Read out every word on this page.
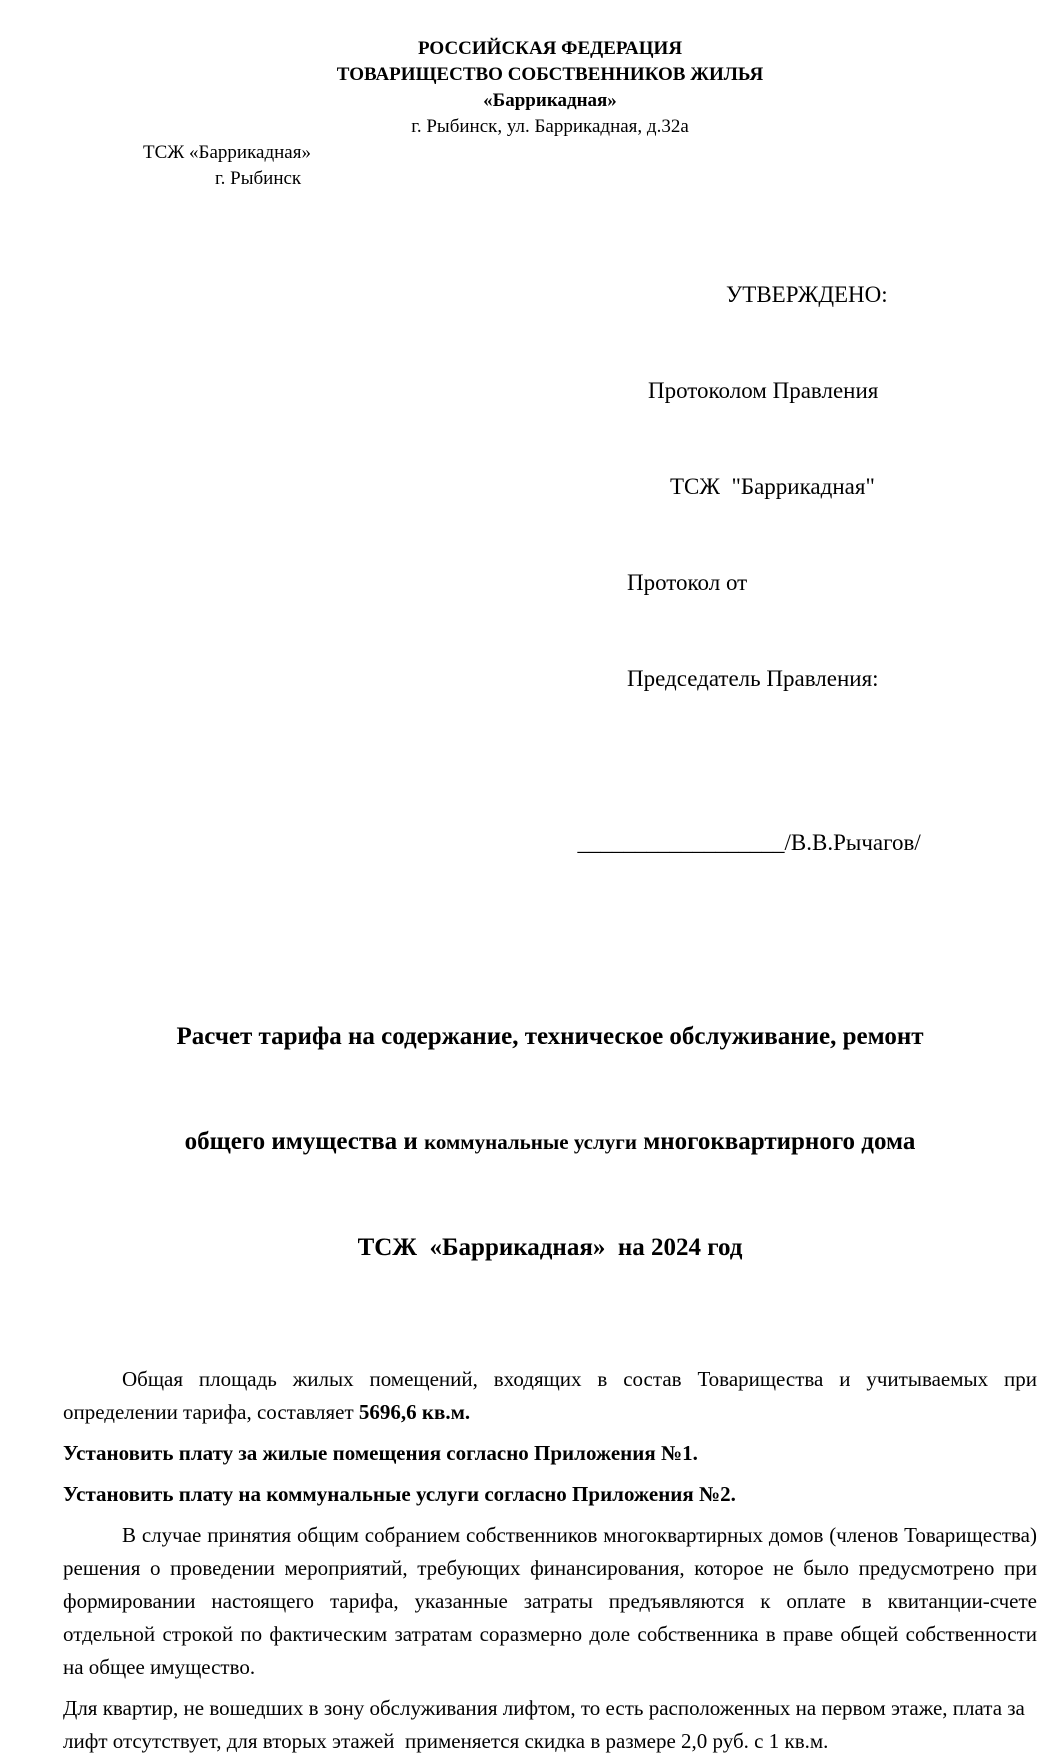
РОССИЙСКАЯ ФЕДЕРАЦИЯ
ТОВАРИЩЕСТВО СОБСТВЕННИКОВ ЖИЛЬЯ
«Баррикадная»
г. Рыбинск, ул. Баррикадная, д.32а
ТСЖ «Баррикадная»
г. Рыбинск

УТВЕРЖДЕНО:

Протоколом Правления

ТСЖ  "Баррикадная"

Протокол от

Председатель Правления:

__________________/В.В.Рычагов/

Расчет тарифа на содержание, техническое обслуживание, ремонт

общего имущества и коммунальные услуги многоквартирного дома

ТСЖ  «Баррикадная»  на 2024 год

Общая площадь жилых помещений, входящих в состав Товарищества и учитываемых при определении тарифа, составляет 5696,6 кв.м.

Установить плату за жилые помещения согласно Приложения №1.

Установить плату на коммунальные услуги согласно Приложения №2.

В случае принятия общим собранием собственников многоквартирных домов (членов Товарищества) решения о проведении мероприятий, требующих финансирования, которое не было предусмотрено при формировании настоящего тарифа, указанные затраты предъявляются к оплате в квитанции-счете отдельной строкой по фактическим затратам соразмерно доле собственника в праве общей собственности на общее имущество.

Для квартир, не вошедших в зону обслуживания лифтом, то есть расположенных на первом этаже, плата за лифт отсутствует, для вторых этажей  применяется скидка в размере 2,0 руб. с 1 кв.м.
